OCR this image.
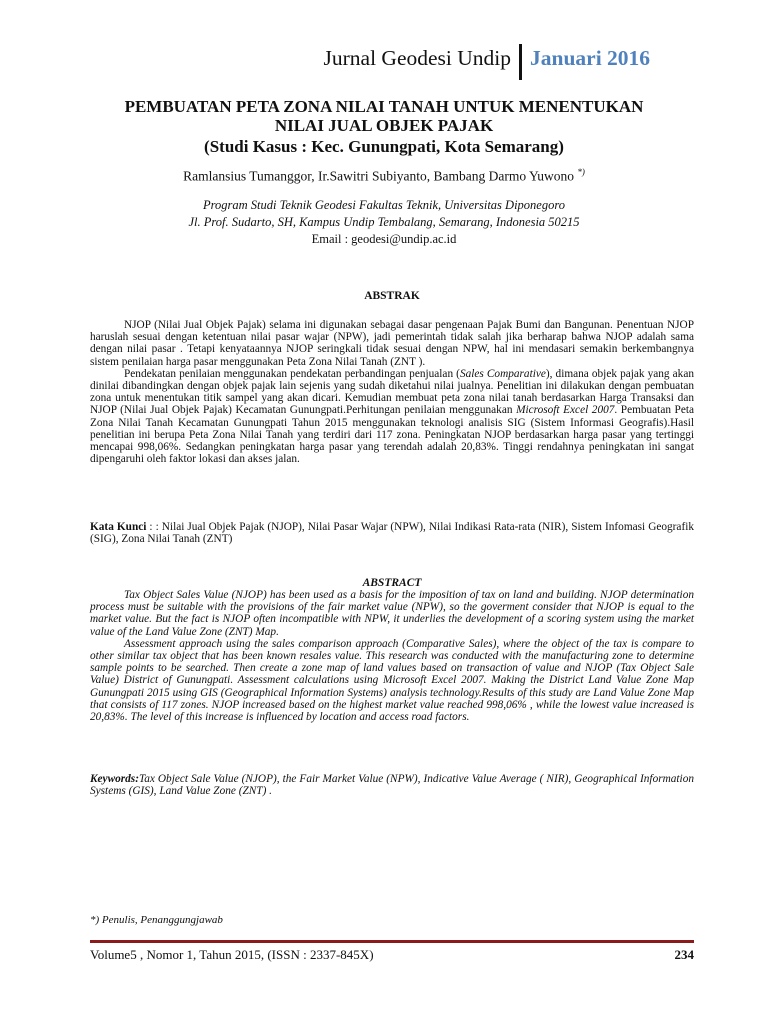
Jurnal Geodesi Undip Januari 2016
PEMBUATAN PETA ZONA NILAI TANAH UNTUK MENENTUKAN
NILAI JUAL OBJEK PAJAK
(Studi Kasus : Kec. Gunungpati, Kota Semarang)
Ramlansius Tumanggor, Ir.Sawitri Subiyanto, Bambang Darmo Yuwono *)
Program Studi Teknik Geodesi Fakultas Teknik, Universitas Diponegoro
Jl. Prof. Sudarto, SH, Kampus Undip Tembalang, Semarang, Indonesia 50215
Email : geodesi@undip.ac.id
ABSTRAK

NJOP (Nilai Jual Objek Pajak) selama ini digunakan sebagai dasar pengenaan Pajak Bumi dan Bangunan. Penentuan NJOP haruslah sesuai dengan ketentuan nilai pasar wajar (NPW), jadi pemerintah tidak salah jika berharap bahwa NJOP adalah sama dengan nilai pasar . Tetapi kenyataannya NJOP seringkali tidak sesuai dengan NPW, hal ini mendasari semakin berkembangnya sistem penilaian harga pasar menggunakan Peta Zona Nilai Tanah (ZNT ).

Pendekatan penilaian menggunakan pendekatan perbandingan penjualan (Sales Comparative), dimana objek pajak yang akan dinilai dibandingkan dengan objek pajak lain sejenis yang sudah diketahui nilai jualnya. Penelitian ini dilakukan dengan pembuatan zona untuk menentukan titik sampel yang akan dicari. Kemudian membuat peta zona nilai tanah berdasarkan Harga Transaksi dan NJOP (Nilai Jual Objek Pajak) Kecamatan Gunungpati.Perhitungan penilaian menggunakan Microsoft Excel 2007. Pembuatan Peta Zona Nilai Tanah Kecamatan Gunungpati Tahun 2015 menggunakan teknologi analisis SIG (Sistem Informasi Geografis).Hasil penelitian ini berupa Peta Zona Nilai Tanah yang terdiri dari 117 zona. Peningkatan NJOP berdasarkan harga pasar yang tertinggi mencapai 998,06%. Sedangkan peningkatan harga pasar yang terendah adalah 20,83%. Tinggi rendahnya peningkatan ini sangat dipengaruhi oleh faktor lokasi dan akses jalan.

Kata Kunci : : Nilai Jual Objek Pajak (NJOP), Nilai Pasar Wajar (NPW), Nilai Indikasi Rata-rata (NIR), Sistem Infomasi Geografik (SIG), Zona Nilai Tanah (ZNT)
ABSTRACT

Tax Object Sales Value (NJOP) has been used as a basis for the imposition of tax on land and building. NJOP determination process must be suitable with the provisions of the fair market value (NPW), so the goverment consider that NJOP is equal to the market value. But the fact is NJOP often incompatible with NPW, it underlies the development of a scoring system using the market value of the Land Value Zone (ZNT) Map.

Assessment approach using the sales comparison approach (Comparative Sales), where the object of the tax is compare to other similar tax object that has been known resales value. This research was conducted with the manufacturing zone to determine sample points to be searched. Then create a zone map of land values based on transaction of value and NJOP (Tax Object Sale Value) District of Gunungpati. Assessment calculations using Microsoft Excel 2007. Making the District Land Value Zone Map Gunungpati 2015 using GIS (Geographical Information Systems) analysis technology.Results of this study are Land Value Zone Map that consists of 117 zones. NJOP increased based on the highest market value reached 998,06% , while the lowest value increased is 20,83%. The level of this increase is influenced by location and access road factors.

Keywords:Tax Object Sale Value (NJOP), the Fair Market Value (NPW), Indicative Value Average ( NIR), Geographical Information Systems (GIS), Land Value Zone (ZNT) .
*) Penulis, Penanggungjawab
Volume5 , Nomor 1, Tahun 2015, (ISSN : 2337-845X)	234
